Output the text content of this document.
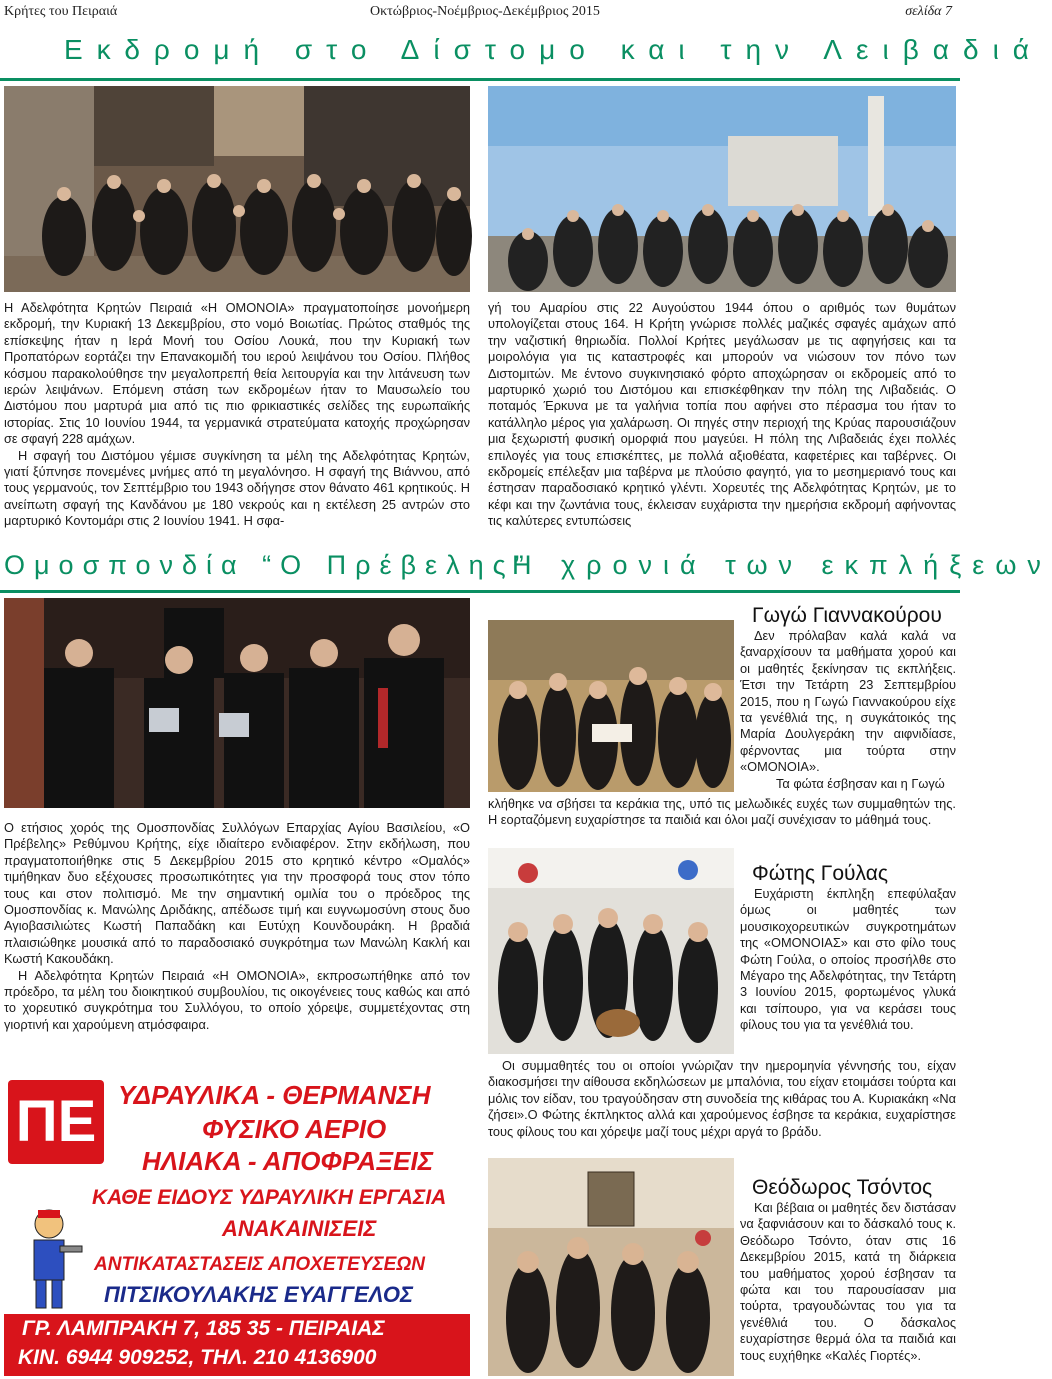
Κρήτες του Πειραιά	Οκτώβριος-Νοέμβριος-Δεκέμβριος 2015	σελίδα 7
Εκδρομή στο Δίστομο και την Λειβαδιά

Η Αδελφότητα Κρητών Πειραιά «Η ΟΜΟΝΟΙΑ» πραγματοποίησε μονοήμερη εκδρομή, την Κυριακή 13 Δεκεμβρίου, στο νομό Βοιωτίας. Πρώτος σταθμός της επίσκεψης ήταν η Ιερά Μονή του Οσίου Λουκά, που την Κυριακή των Προπατόρων εορτάζει την Επανακομιδή του ιερού λειψάνου του Οσίου. Πλήθος κόσμου παρακολούθησε την μεγαλοπρεπή θεία λειτουργία και την λιτάνευση των ιερών λειψάνων. Επόμενη στάση των εκδρομέων ήταν το Μαυσωλείο του Διστόμου που μαρτυρά μια από τις πιο φρικιαστικές σελίδες της ευρωπαϊκής ιστορίας. Στις 10 Ιουνίου 1944, τα γερμανικά στρατεύματα κατοχής προχώρησαν σε σφαγή 228 αμάχων.

Η σφαγή του Διστόμου γέμισε συγκίνηση τα μέλη της Αδελφότητας Κρητών, γιατί ξύπνησε πονεμένες μνήμες από τη μεγαλόνησο. Η σφαγή της Βιάννου, από τους γερμανούς, τον Σεπτέμβριο του 1943 οδήγησε στον θάνατο 461 κρητικούς. Η ανείπωτη σφαγή της Κανδάνου με 180 νεκρούς και η εκτέλεση 25 αντρών στο μαρτυρικό Κοντομάρι στις 2 Ιουνίου 1941. Η σφα-

γή του Αμαρίου στις 22 Αυγούστου 1944 όπου ο αριθμός των θυμάτων υπολογίζεται στους 164. Η Κρήτη γνώρισε πολλές μαζικές σφαγές αμάχων από την ναζιστική θηριωδία. Πολλοί Κρήτες μεγάλωσαν με τις αφηγήσεις και τα μοιρολόγια για τις καταστροφές και μπορούν να νιώσουν τον πόνο των Διστομιτών. Με έντονο συγκινησιακό φόρτο αποχώρησαν οι εκδρομείς από το μαρτυρικό χωριό του Διστόμου και επισκέφθηκαν την πόλη της Λιβαδειάς. Ο ποταμός Έρκυνα με τα γαλήνια τοπία που αφήνει στο πέρασμα του ήταν το κατάλληλο μέρος για χαλάρωση. Οι πηγές στην περιοχή της Κρύας παρουσιάζουν μια ξεχωριστή φυσική ομορφιά που μαγεύει. Η πόλη της Λιβαδειάς έχει πολλές επιλογές για τους επισκέπτες, με πολλά αξιοθέατα, καφετέριες και ταβέρνες. Οι εκδρομείς επέλεξαν μια ταβέρνα με πλούσιο φαγητό, για το μεσημεριανό τους και έστησαν παραδοσιακό κρητικό γλέντι. Χορευτές της Αδελφότητας Κρητών, με το κέφι και την ζωντάνια τους, έκλεισαν ευχάριστα την ημερήσια εκδρομή αφήνοντας τις καλύτερες εντυπώσεις

Ομοσπονδία “Ο Πρέβελης”
Η χρονιά των εκπλήξεων

Ο ετήσιος χορός της Ομοσπονδίας Συλλόγων Επαρχίας Αγίου Βασιλείου, «Ο Πρέβελης» Ρεθύμνου Κρήτης, είχε ιδιαίτερο ενδιαφέρον. Στην εκδήλωση, που πραγματοποιήθηκε στις 5 Δεκεμβρίου 2015 στο κρητικό κέντρο «Ομαλός» τιμήθηκαν δυο εξέχουσες προσωπικότητες για την προσφορά τους στον τόπο τους και στον πολιτισμό. Με την σημαντική ομιλία του ο πρόεδρος της Ομοσπονδίας κ. Μανώλης Δριδάκης, απέδωσε τιμή και ευγνωμοσύνη στους δυο Αγιοβασιλιώτες Κωστή Παπαδάκη και Ευτύχη Κουνδουράκη. Η βραδιά πλαισιώθηκε μουσικά από το παραδοσιακό συγκρότημα των Μανώλη Κακλή και Κωστή Κακουδάκη.

Η Αδελφότητα Κρητών Πειραιά «Η ΟΜΟΝΟΙΑ», εκπροσωπήθηκε από τον πρόεδρο, τα μέλη του διοικητικού συμβουλίου, τις οικογένειες τους καθώς και από το χορευτικό συγκρότημα του Συλλόγου, το οποίο χόρεψε, συμμετέχοντας στη γιορτινή και χαρούμενη ατμόσφαιρα.

ΠΕ ΥΔΡΑΥΛΙΚΑ - ΘΕΡΜΑΝΣΗ
ΦΥΣΙΚΟ ΑΕΡΙΟ
ΗΛΙΑΚΑ - ΑΠΟΦΡΑΞΕΙΣ
ΚΑΘΕ ΕΙΔΟΥΣ ΥΔΡΑΥΛΙΚΗ ΕΡΓΑΣΙΑ
ΑΝΑΚΑΙΝΙΣΕΙΣ
ΑΝΤΙΚΑΤΑΣΤΑΣΕΙΣ ΑΠΟΧΕΤΕΥΣΕΩΝ
ΠΙΤΣΙΚΟΥΛΑΚΗΣ ΕΥΑΓΓΕΛΟΣ
ΓΡ. ΛΑΜΠΡΑΚΗ 7, 185 35 - ΠΕΙΡΑΙΑΣ
ΚΙΝ. 6944 909252, ΤΗΛ. 210 4136900
Γωγώ Γιαννακούρου

Δεν πρόλαβαν καλά καλά να ξαναρχίσουν τα μαθήματα χορού και οι μαθητές ξεκίνησαν τις εκπλήξεις. Έτσι την Τετάρτη 23 Σεπτεμβρίου 2015, που η Γωγώ Γιαννακούρου είχε τα γενέθλιά της, η συγκάτοικός της Μαρία Δουλγεράκη την αιφνιδίασε, φέρνοντας μια τούρτα στην «ΟΜΟΝΟΙΑ».

Τα φώτα έσβησαν και η Γωγώ

κλήθηκε να σβήσει τα κεράκια της, υπό τις μελωδικές ευχές των συμμαθητών της. Η εορταζόμενη ευχαρίστησε τα παιδιά και όλοι μαζί συνέχισαν το μάθημά τους.

Φώτης Γούλας

Ευχάριστη έκπληξη επεφύλαξαν όμως οι μαθητές των μουσικοχορευτικών συγκροτημάτων της «ΟΜΟΝΟΙΑΣ» και στο φίλο τους Φώτη Γούλα, ο οποίος προσήλθε στο Μέγαρο της Αδελφότητας, την Τετάρτη 3 Ιουνίου 2015, φορτωμένος γλυκά και τσίπουρο, για να κεράσει τους φίλους του για τα γενέθλιά του.

Οι συμμαθητές του οι οποίοι γνώριζαν την ημερομηνία γέννησής του, είχαν διακοσμήσει την αίθουσα εκδηλώσεων με μπαλόνια, του είχαν ετοιμάσει τούρτα και μόλις τον είδαν, του τραγούδησαν στη συνοδεία της κιθάρας του Α. Κυριακάκη «Να ζήσει».Ο Φώτης έκπληκτος αλλά και χαρούμενος έσβησε τα κεράκια, ευχαρίστησε τους φίλους του και χόρεψε μαζί τους μέχρι αργά το βράδυ.

Θεόδωρος Τσόντος

Και βέβαια οι μαθητές δεν διστάσαν να ξαφνιάσουν και το δάσκαλό τους κ. Θεόδωρο Τσόντο, όταν στις 16 Δεκεμβρίου 2015, κατά τη διάρκεια του μαθήματος χορού έσβησαν τα φώτα και του παρουσίασαν μια τούρτα, τραγουδώντας του για τα γενέθλιά του. Ο δάσκαλος ευχαρίστησε θερμά όλα τα παιδιά και τους ευχήθηκε «Καλές Γιορτές».
